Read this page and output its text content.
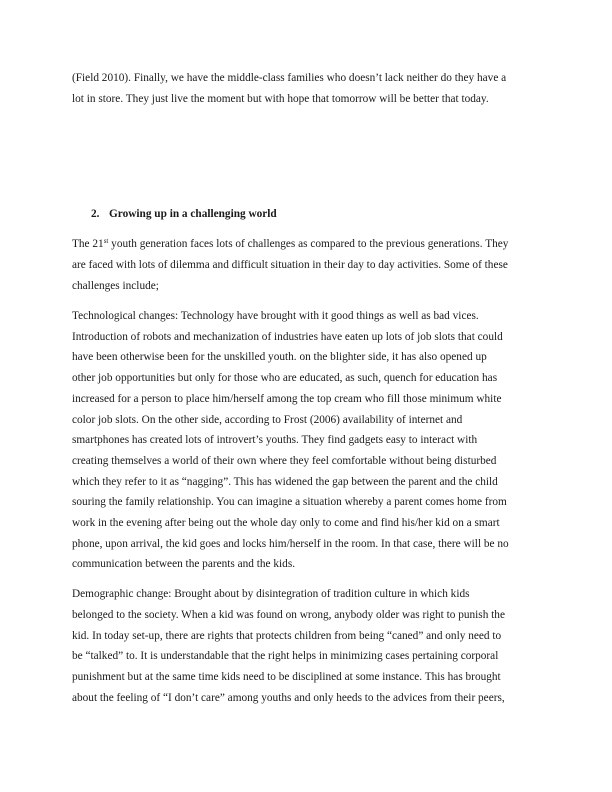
(Field 2010). Finally, we have the middle-class families who doesn’t lack neither do they have a
lot in store. They just live the moment but with hope that tomorrow will be better that today.
2. Growing up in a challenging world
The 21st youth generation faces lots of challenges as compared to the previous generations. They
are faced with lots of dilemma and difficult situation in their day to day activities. Some of these
challenges include;
Technological changes: Technology have brought with it good things as well as bad vices.
Introduction of robots and mechanization of industries have eaten up lots of job slots that could
have been otherwise been for the unskilled youth. on the blighter side, it has also opened up
other job opportunities but only for those who are educated, as such, quench for education has
increased for a person to place him/herself among the top cream who fill those minimum white
color job slots. On the other side, according to Frost (2006) availability of internet and
smartphones has created lots of introvert’s youths. They find gadgets easy to interact with
creating themselves a world of their own where they feel comfortable without being disturbed
which they refer to it as “nagging”. This has widened the gap between the parent and the child
souring the family relationship. You can imagine a situation whereby a parent comes home from
work in the evening after being out the whole day only to come and find his/her kid on a smart
phone, upon arrival, the kid goes and locks him/herself in the room. In that case, there will be no
communication between the parents and the kids.
Demographic change: Brought about by disintegration of tradition culture in which kids
belonged to the society. When a kid was found on wrong, anybody older was right to punish the
kid. In today set-up, there are rights that protects children from being “caned” and only need to
be “talked” to. It is understandable that the right helps in minimizing cases pertaining corporal
punishment but at the same time kids need to be disciplined at some instance. This has brought
about the feeling of “I don’t care” among youths and only heeds to the advices from their peers,
